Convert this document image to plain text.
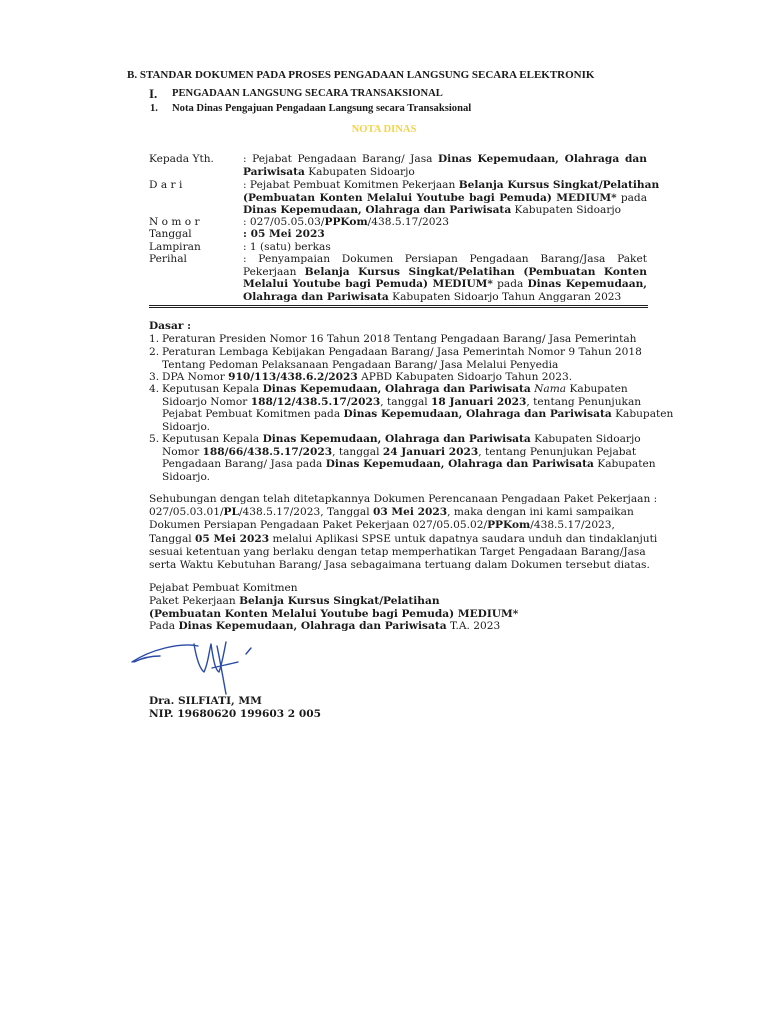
B. STANDAR DOKUMEN PADA PROSES PENGADAAN LANGSUNG SECARA ELEKTRONIK
I. PENGADAAN LANGSUNG SECARA TRANSAKSIONAL
1. Nota Dinas Pengajuan Pengadaan Langsung secara Transaksional
NOTA DINAS
Kepada Yth.	: Pejabat Pengadaan Barang/ Jasa Dinas Kepemudaan, Olahraga dan
Pariwisata Kabupaten Sidoarjo
D a r i	: Pejabat Pembuat Komitmen Pekerjaan Belanja Kursus Singkat/Pelatihan
(Pembuatan Konten Melalui Youtube bagi Pemuda) MEDIUM* pada
Dinas Kepemudaan, Olahraga dan Pariwisata Kabupaten Sidoarjo
N o m o r	: 027/05.05.03/PPKom/438.5.17/2023
Tanggal	: 05 Mei 2023
Lampiran	: 1 (satu) berkas
Perihal	: Penyampaian Dokumen Persiapan Pengadaan Barang/Jasa Paket
Pekerjaan Belanja Kursus Singkat/Pelatihan (Pembuatan Konten
Melalui Youtube bagi Pemuda) MEDIUM* pada Dinas Kepemudaan,
Olahraga dan Pariwisata Kabupaten Sidoarjo Tahun Anggaran 2023
Dasar :
1. Peraturan Presiden Nomor 16 Tahun 2018 Tentang Pengadaan Barang/ Jasa Pemerintah
2. Peraturan Lembaga Kebijakan Pengadaan Barang/ Jasa Pemerintah Nomor 9 Tahun 2018
Tentang Pedoman Pelaksanaan Pengadaan Barang/ Jasa Melalui Penyedia
3. DPA Nomor 910/113/438.6.2/2023 APBD Kabupaten Sidoarjo Tahun 2023.
4. Keputusan Kepala Dinas Kepemudaan, Olahraga dan Pariwisata Nama Kabupaten
Sidoarjo Nomor 188/12/438.5.17/2023, tanggal 18 Januari 2023, tentang Penunjukan
Pejabat Pembuat Komitmen pada Dinas Kepemudaan, Olahraga dan Pariwisata Kabupaten
Sidoarjo.
5. Keputusan Kepala Dinas Kepemudaan, Olahraga dan Pariwisata Kabupaten Sidoarjo
Nomor 188/66/438.5.17/2023, tanggal 24 Januari 2023, tentang Penunjukan Pejabat
Pengadaan Barang/ Jasa pada Dinas Kepemudaan, Olahraga dan Pariwisata Kabupaten
Sidoarjo.
Sehubungan dengan telah ditetapkannya Dokumen Perencanaan Pengadaan Paket Pekerjaan :
027/05.03.01/PL/438.5.17/2023, Tanggal 03 Mei 2023, maka dengan ini kami sampaikan
Dokumen Persiapan Pengadaan Paket Pekerjaan 027/05.05.02/PPKom/438.5.17/2023,
Tanggal 05 Mei 2023 melalui Aplikasi SPSE untuk dapatnya saudara unduh dan tindaklanjuti
sesuai ketentuan yang berlaku dengan tetap memperhatikan Target Pengadaan Barang/Jasa
serta Waktu Kebutuhan Barang/ Jasa sebagaimana tertuang dalam Dokumen tersebut diatas.
Pejabat Pembuat Komitmen
Paket Pekerjaan Belanja Kursus Singkat/Pelatihan
(Pembuatan Konten Melalui Youtube bagi Pemuda) MEDIUM*
Pada Dinas Kepemudaan, Olahraga dan Pariwisata T.A. 2023
Dra. SILFIATI, MM
NIP. 19680620 199603 2 005
